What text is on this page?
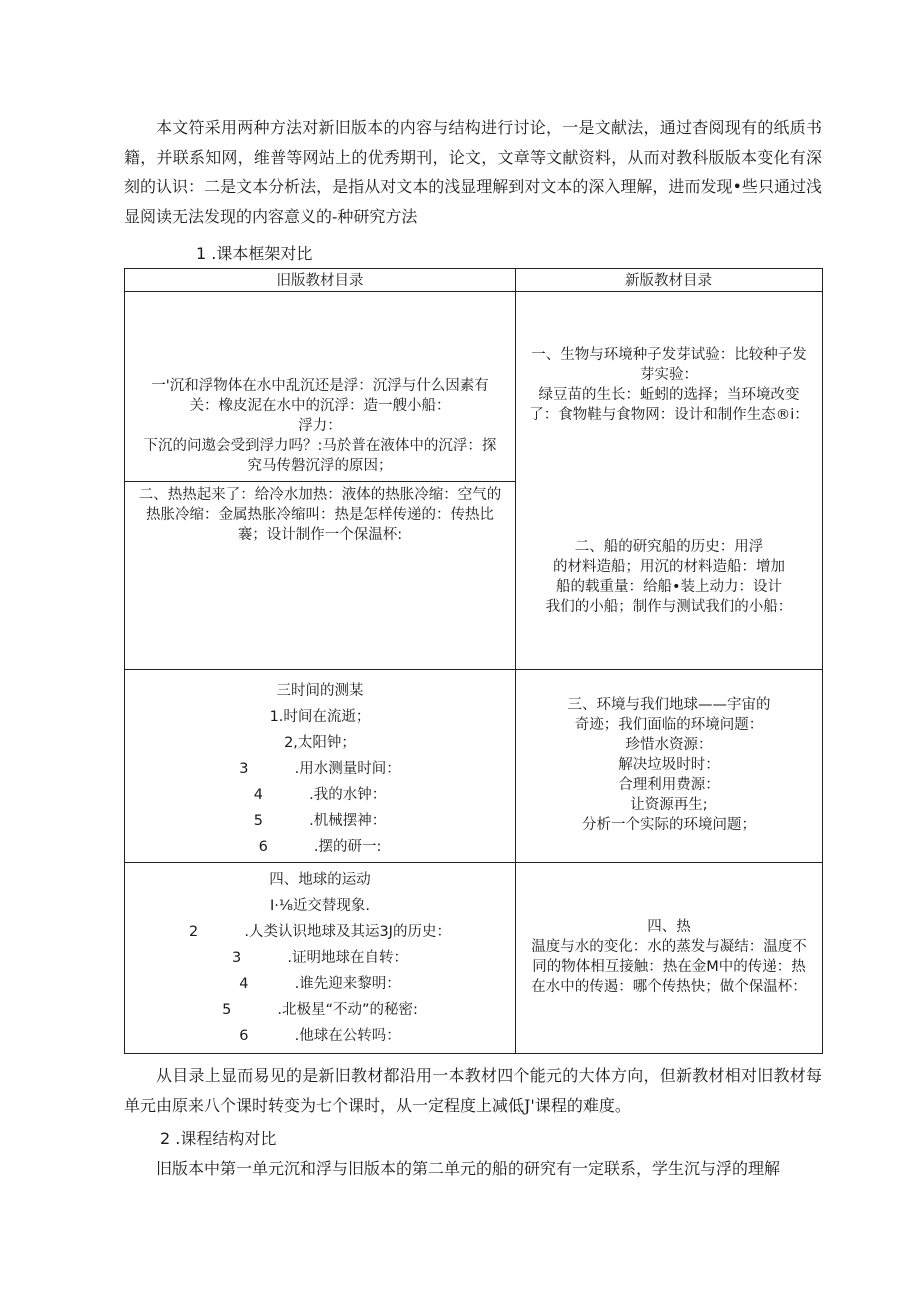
本文符采用两种方法对新旧版本的内容与结构进行讨论，一是文献法，通过杳阅现有的纸质书籍，并联系知网，维普等网站上的优秀期刊，论文，文章等文献资料，从而对教科版版本变化有深刻的认识：二是文本分析法，是指从对文本的浅显理解到对文本的深入理解，进而发现•些只通过浅显阅读无法发现的内容意义的-种研究方法

1 .课本框架对比
旧版教材目录	新版教材目录
一'沉和浮物体在水中乱沉还是浮：沉浮与什么因素有
关：橡皮泥在水中的沉浮：造一艘小船：
浮力：
下沉的问遨会受到浮力吗？:马於普在液体中的沉浮：探
究马传磐沉浮的原因；
一、生物与环境种子发芽试验：比较种子发
芽实验：
绿豆苗的生长：蚯蚓的选择；当环境改变
了：食物鞋与食物网：设计和制作生态®i：
二、热热起来了：给冷水加热：液体的热胀冷缩：空气的
热胀冷缩：金属热胀冷缩叫：热是怎样传递的：传热比
褰；设计制作一个保温杯:
二、船的研究船的历史：用浮
的材料造船；用沉的材料造船：增加
船的载重量：给船•装上动力：设计
我们的小船；制作与测试我们的小船：
三时间的测某
1.时间在流逝；
2,太阳钟；
3          .用水测量时间：
4          .我的水钟：
5          .机械摆神：
6          .摆的研一:
三、环境与我们地球——宇宙的
奇迹；我们面临的环境问题：
珍惜水资源：
解决垃圾时时：
合理利用费源：
让资源再生;
分析一个实际的环境问题；
四、地球的运动
I·⅛近交替现象.
2          .人类认识地球及其运3J的历史：
3          .证明地球在自转：
4          .谁先迎来黎明：
5          .北极星“不动”的秘密:
6          .他球在公转吗：
四、热
温度与水的变化：水的蒸发与凝结：温度不
同的物体相互接触：热在金M中的传递：热
在水中的传遏：哪个传热快；做个保温杯：

从目录上显而易见的是新旧教材都沿用一本教材四个能元的大体方向，但新教材相对旧教材每单元由原来八个课时转变为七个课时，从一定程度上减低J'课程的难度。

2 .课程结构对比

旧版本中第一单元沉和浮与旧版本的第二单元的船的研究有一定联系，学生沉与浮的理解
